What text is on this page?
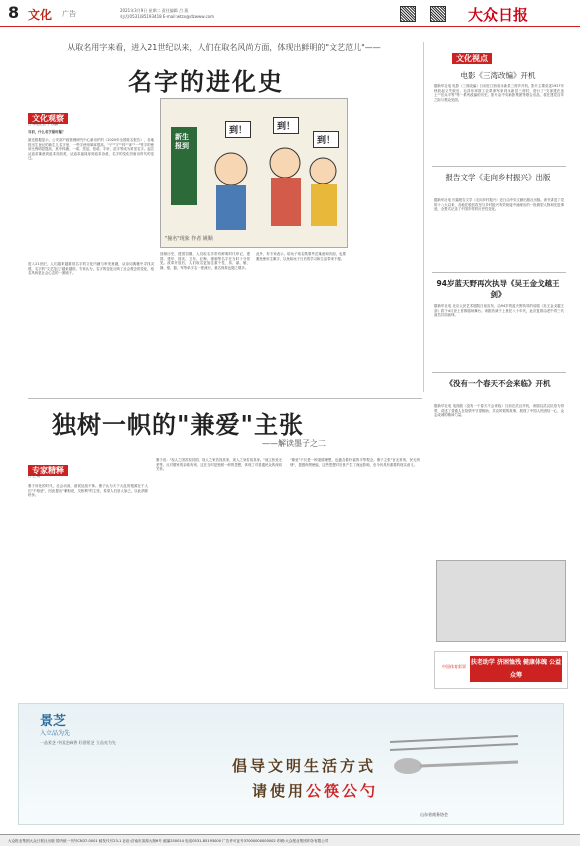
8 文化 广告	2021年3月9日 星期二 责任编辑 吕 燕
电话(0531)85193418 E-mail:wtzx@dzwww.com	大众日报
从取名用字来看，进入21世纪以来，人们在取名风尚方面，体现出鲜明的"文艺范儿"——
名字的进化史
文化观察
□ 本报记者 于 国鹏
当初，什么名字最时髦？
最近数据显示，公安部户政管理研究中心新出炉的《2020年全国姓名报告》，各地按出生登记的新生儿名字里，一些字使用频率很高。"子""宇""梓""沐""一"等字的使用比例明显提高，其中梓涵、一诺、奕辰、依诺、宇轩、浩宇等成为常见名字。起名从追求寓意到追求音韵美，从追求福禄寿到追求诗意，名字的变化折射出时代的变迁。
进入21世纪，人们越来越重视名字的文化内涵与审美意趣，从诗词典籍中寻找灵感，名字的"文艺范儿"越来越浓。专家认为，名字的变化反映了社会观念的变化，取名风尚是社会心态的一面镜子。
新生报到
到！	到！
到！
"撞名"现象 作者 姚顺
回顾历史，建国初期，人们取名多带有鲜明时代印记，建国、建华、国庆、卫东、红梅、援朝等名字在当时十分常见。改革开放后，人们取名更加注重个性，伟、丽、敏、静、强、磊、军等单字名一度流行，重名现象也随之增多。
此外，有专家表示，给孩子取名既要考虑寓意和音韵，也要避免使用生僻字，以免给孩子日后的学习和生活带来不便。
文化视点
电影《三湾改编》开机
据新华社电 电影《三湾改编》日前在江西省永新县三湾乡开机，影片主要讲述1927年秋收起义失败后，毛泽东率领工农革命军来到永新县三湾村，进行了"支部建在连上""官兵平等"等一系列改编的历史。影片由中央新影集团等联合出品，将在建党百年之际与观众见面。
报告文学《走向乡村振兴》出版
据新华社电 长篇报告文学《走向乡村振兴》近日由中央文献出版社出版。该书讲述了党的十八大以来，各地在脱贫攻坚与乡村振兴有效衔接中涌现出的一批典型人物和先进事迹，全景式记录了中国乡村的历史性变化。
94岁蓝天野再次执导《吴王金戈越王剑》
据新华社电 北京人民艺术剧院日前宣布，由94岁的蓝天野执导的话剧《吴王金戈越王剑》将于4月登上首都剧场舞台。该剧首演于上世纪八十年代，此次复排由老中青三代演员共同演绎。
《没有一个春天不会来临》开机
据新华社电 电视剧《没有一个春天不会来临》日前在武汉开机，该剧以武汉抗疫为背景，讲述了普通人在疫情中守望相助、共克时艰的故事，展现了中国人民团结一心、众志成城的精神力量。
中国体育彩票
扶老助学 济困恤残 健康体魄 公益众筹
独树一帜的"兼爱"主张
——解读墨子之二
专家精释
□ 王 明
墨子所处的时代，社会动荡，诸侯征战不休。墨子认为天下大乱的根源在于人们"不相爱"，因此提出"兼相爱，交相利"的主张，希望人们爱人如己，以此消除纷争。
墨子说："视人之国若视其国，视人之家若视其家，视人之身若视其身。"他主张爱无差等，反对儒家的亲疏有别，这在当时是独树一帜的思想，体现了对普通民众的深切关怀。
"兼爱"不仅是一种道德理想，也蕴含着朴素的平等观念。墨子主张"官无常贵，民无终贱"，提倡尚贤使能，这些思想对后世产生了深远影响，至今仍具有重要的现实意义。
景芝
入立品为先
一品景芝 中国芝麻香 好酒景芝 立品亮为先
倡导文明生活方式
请使用公筷公勺
山东省商务协会
大众报业集团大众日报社出版 国内统一刊号CN37-0001 邮发代号23-1 社址:济南市泺源大街6号 邮编250014 电话0531-85193000 广告许可证号37000000000002 印刷:大众报业集团印务有限公司
